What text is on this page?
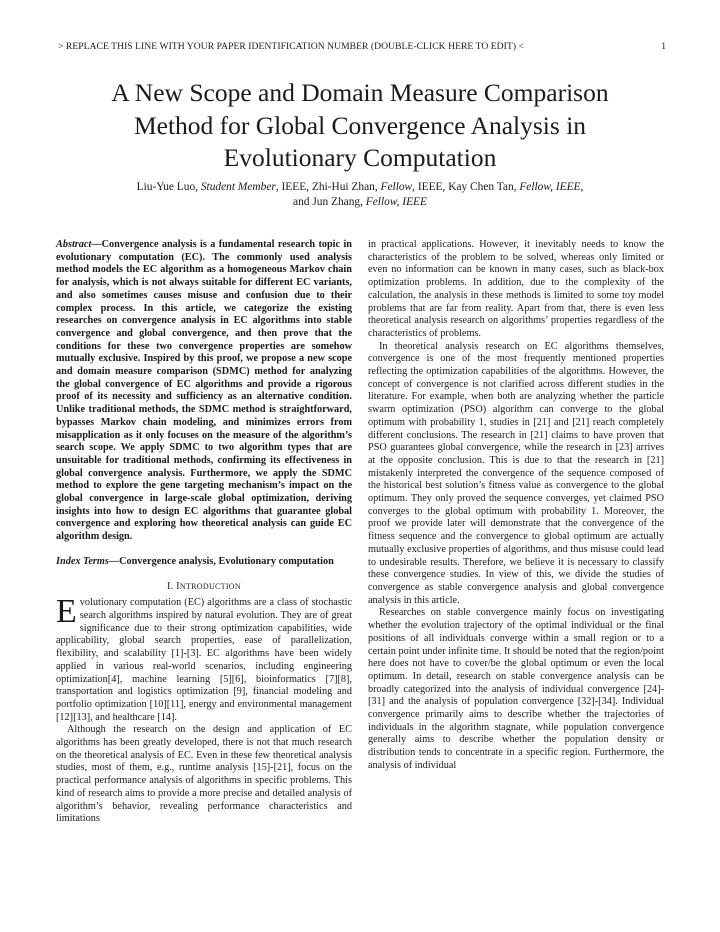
> REPLACE THIS LINE WITH YOUR PAPER IDENTIFICATION NUMBER (DOUBLE-CLICK HERE TO EDIT) <	1
A New Scope and Domain Measure Comparison
Method for Global Convergence Analysis in
Evolutionary Computation
Liu-Yue Luo, Student Member, IEEE, Zhi-Hui Zhan, Fellow, IEEE, Kay Chen Tan, Fellow, IEEE,
and Jun Zhang, Fellow, IEEE
Abstract—Convergence analysis is a fundamental research topic in evolutionary computation (EC). The commonly used analysis method models the EC algorithm as a homogeneous Markov chain for analysis, which is not always suitable for different EC variants, and also sometimes causes misuse and confusion due to their complex process. In this article, we categorize the existing researches on convergence analysis in EC algorithms into stable convergence and global convergence, and then prove that the conditions for these two convergence properties are somehow mutually exclusive. Inspired by this proof, we propose a new scope and domain measure comparison (SDMC) method for analyzing the global convergence of EC algorithms and provide a rigorous proof of its necessity and sufficiency as an alternative condition. Unlike traditional methods, the SDMC method is straightforward, bypasses Markov chain modeling, and minimizes errors from misapplication as it only focuses on the measure of the algorithm’s search scope. We apply SDMC to two algorithm types that are unsuitable for traditional methods, confirming its effectiveness in global convergence analysis. Furthermore, we apply the SDMC method to explore the gene targeting mechanism’s impact on the global convergence in large-scale global optimization, deriving insights into how to design EC algorithms that guarantee global convergence and exploring how theoretical analysis can guide EC algorithm design.
Index Terms—Convergence analysis, Evolutionary computation
I. INTRODUCTION

Evolutionary computation (EC) algorithms are a class of stochastic search algorithms inspired by natural evolution. They are of great significance due to their strong optimization capabilities, wide applicability, global search properties, ease of parallelization, flexibility, and scalability [1]-[3]. EC algorithms have been widely applied in various real-world scenarios, including engineering optimization[4], machine learning [5][6], bioinformatics [7][8], transportation and logistics optimization [9], financial modeling and portfolio optimization [10][11], energy and environmental management [12][13], and healthcare [14].

Although the research on the design and application of EC algorithms has been greatly developed, there is not that much research on the theoretical analysis of EC. Even in these few theoretical analysis studies, most of them, e.g., runtime analysis [15]-[21], focus on the practical performance analysis of algorithms in specific problems. This kind of research aims to provide a more precise and detailed analysis of algorithm’s behavior, revealing performance characteristics and limitations

in practical applications. However, it inevitably needs to know the characteristics of the problem to be solved, whereas only limited or even no information can be known in many cases, such as black-box optimization problems. In addition, due to the complexity of the calculation, the analysis in these methods is limited to some toy model problems that are far from reality. Apart from that, there is even less theoretical analysis research on algorithms’ properties regardless of the characteristics of problems.

In theoretical analysis research on EC algorithms themselves, convergence is one of the most frequently mentioned properties reflecting the optimization capabilities of the algorithms. However, the concept of convergence is not clarified across different studies in the literature. For example, when both are analyzing whether the particle swarm optimization (PSO) algorithm can converge to the global optimum with probability 1, studies in [21] and [21] reach completely different conclusions. The research in [21] claims to have proven that PSO guarantees global convergence, while the research in [23] arrives at the opposite conclusion. This is due to that the research in [21] mistakenly interpreted the convergence of the sequence composed of the historical best solution’s fitness value as convergence to the global optimum. They only proved the sequence converges, yet claimed PSO converges to the global optimum with probability 1. Moreover, the proof we provide later will demonstrate that the convergence of the fitness sequence and the convergence to global optimum are actually mutually exclusive properties of algorithms, and thus misuse could lead to undesirable results. Therefore, we believe it is necessary to classify these convergence studies. In view of this, we divide the studies of convergence as stable convergence analysis and global convergence analysis in this article.

Researches on stable convergence mainly focus on investigating whether the evolution trajectory of the optimal individual or the final positions of all individuals converge within a small region or to a certain point under infinite time. It should be noted that the region/point here does not have to cover/be the global optimum or even the local optimum. In detail, research on stable convergence analysis can be broadly categorized into the analysis of individual convergence [24]-[31] and the analysis of population convergence [32]-[34]. Individual convergence primarily aims to describe whether the trajectories of individuals in the algorithm stagnate, while population convergence generally aims to describe whether the population density or distribution tends to concentrate in a specific region. Furthermore, the analysis of individual
